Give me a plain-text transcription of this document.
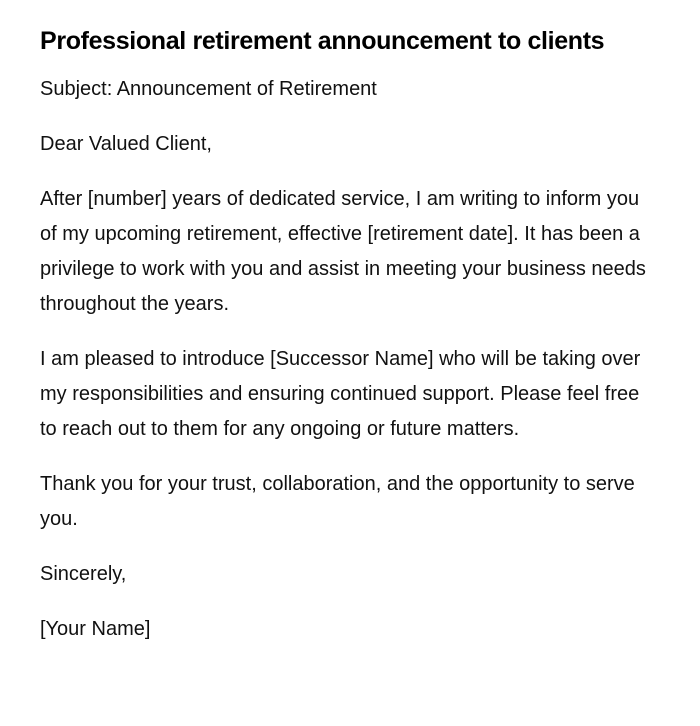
Professional retirement announcement to clients

Subject: Announcement of Retirement

Dear Valued Client,

After [number] years of dedicated service, I am writing to inform you of my upcoming retirement, effective [retirement date]. It has been a privilege to work with you and assist in meeting your business needs throughout the years.

I am pleased to introduce [Successor Name] who will be taking over my responsibilities and ensuring continued support. Please feel free to reach out to them for any ongoing or future matters.

Thank you for your trust, collaboration, and the opportunity to serve you.

Sincerely,

[Your Name]
